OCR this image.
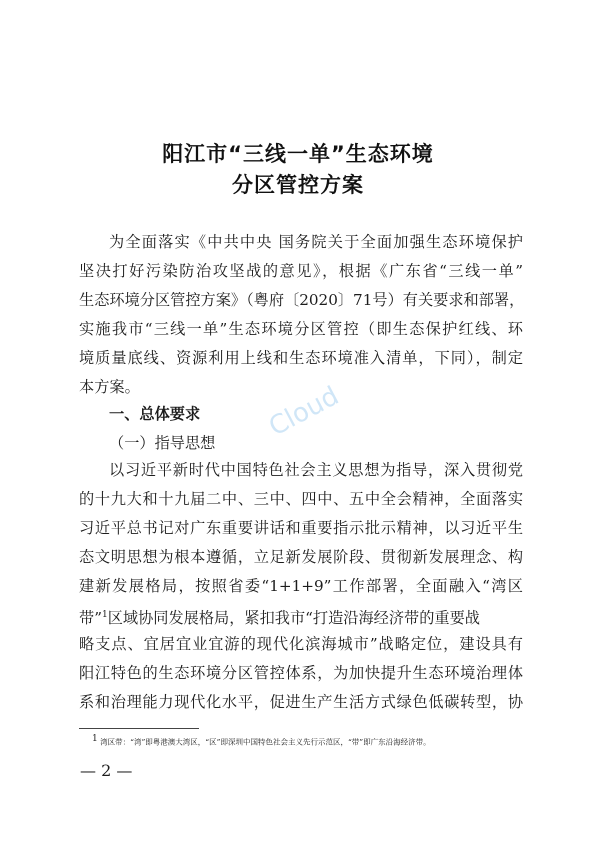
阳江市“三线一单”生态环境
分区管控方案
为全面落实《中共中央 国务院关于全面加强生态环境保护
坚决打好污染防治攻坚战的意见》，根据《广东省“三线一单”
生态环境分区管控方案》（粤府〔2020〕71号）有关要求和部署，
实施我市“三线一单”生态环境分区管控（即生态保护红线、环
境质量底线、资源利用上线和生态环境准入清单，下同），制定
本方案。
一、总体要求
（一）指导思想
Cloud
以习近平新时代中国特色社会主义思想为指导，深入贯彻党
的十九大和十九届二中、三中、四中、五中全会精神，全面落实
习近平总书记对广东重要讲话和重要指示批示精神，以习近平生
态文明思想为根本遵循，立足新发展阶段、贯彻新发展理念、构
建新发展格局，按照省委“1+1+9”工作部署，全面融入“湾区
带”$^1$区域协同发展格局，紧扣我市“打造沿海经济带的重要战
略支点、宜居宜业宜游的现代化滨海城市”战略定位，建设具有
阳江特色的生态环境分区管控体系，为加快提升生态环境治理体
系和治理能力现代化水平，促进生产生活方式绿色低碳转型，协
$^1$ 湾区带：“湾”即粤港澳大湾区，“区”即深圳中国特色社会主义先行示范区，“带”即广东沿海经济带。
— 2 —
